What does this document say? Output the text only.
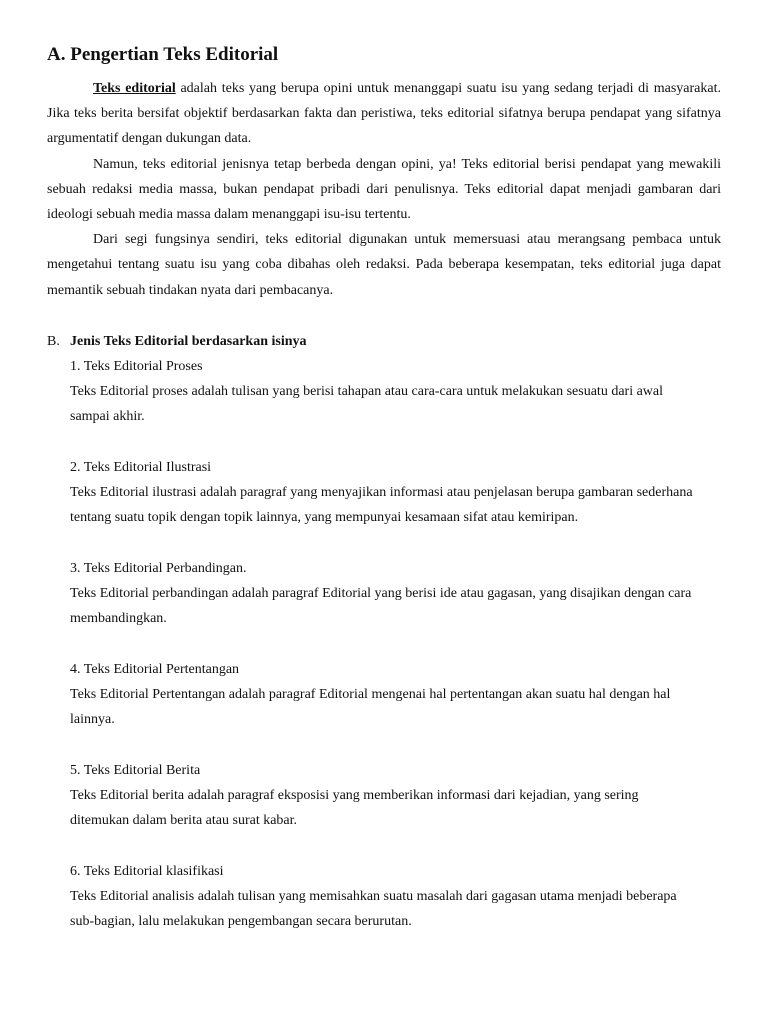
A. Pengertian Teks Editorial

Teks editorial adalah teks yang berupa opini untuk menanggapi suatu isu yang sedang terjadi di masyarakat. Jika teks berita bersifat objektif berdasarkan fakta dan peristiwa, teks editorial sifatnya berupa pendapat yang sifatnya argumentatif dengan dukungan data.

Namun, teks editorial jenisnya tetap berbeda dengan opini, ya! Teks editorial berisi pendapat yang mewakili sebuah redaksi media massa, bukan pendapat pribadi dari penulisnya. Teks editorial dapat menjadi gambaran dari ideologi sebuah media massa dalam menanggapi isu-isu tertentu.

Dari segi fungsinya sendiri, teks editorial digunakan untuk memersuasi atau merangsang pembaca untuk mengetahui tentang suatu isu yang coba dibahas oleh redaksi. Pada beberapa kesempatan, teks editorial juga dapat memantik sebuah tindakan nyata dari pembacanya.

B. Jenis Teks Editorial berdasarkan isinya

1. Teks Editorial Proses

Teks Editorial proses adalah tulisan yang berisi tahapan atau cara-cara untuk melakukan sesuatu dari awal sampai akhir.

2. Teks Editorial Ilustrasi

Teks Editorial ilustrasi adalah paragraf yang menyajikan informasi atau penjelasan berupa gambaran sederhana tentang suatu topik dengan topik lainnya, yang mempunyai kesamaan sifat atau kemiripan.

3. Teks Editorial Perbandingan.

Teks Editorial perbandingan adalah paragraf Editorial yang berisi ide atau gagasan, yang disajikan dengan cara membandingkan.

4. Teks Editorial Pertentangan

Teks Editorial Pertentangan adalah paragraf Editorial mengenai hal pertentangan akan suatu hal dengan hal lainnya.

5. Teks Editorial Berita

Teks Editorial berita adalah paragraf eksposisi yang memberikan informasi dari kejadian, yang sering ditemukan dalam berita atau surat kabar.

6. Teks Editorial klasifikasi

Teks Editorial analisis adalah tulisan yang memisahkan suatu masalah dari gagasan utama menjadi beberapa sub-bagian, lalu melakukan pengembangan secara berurutan.
